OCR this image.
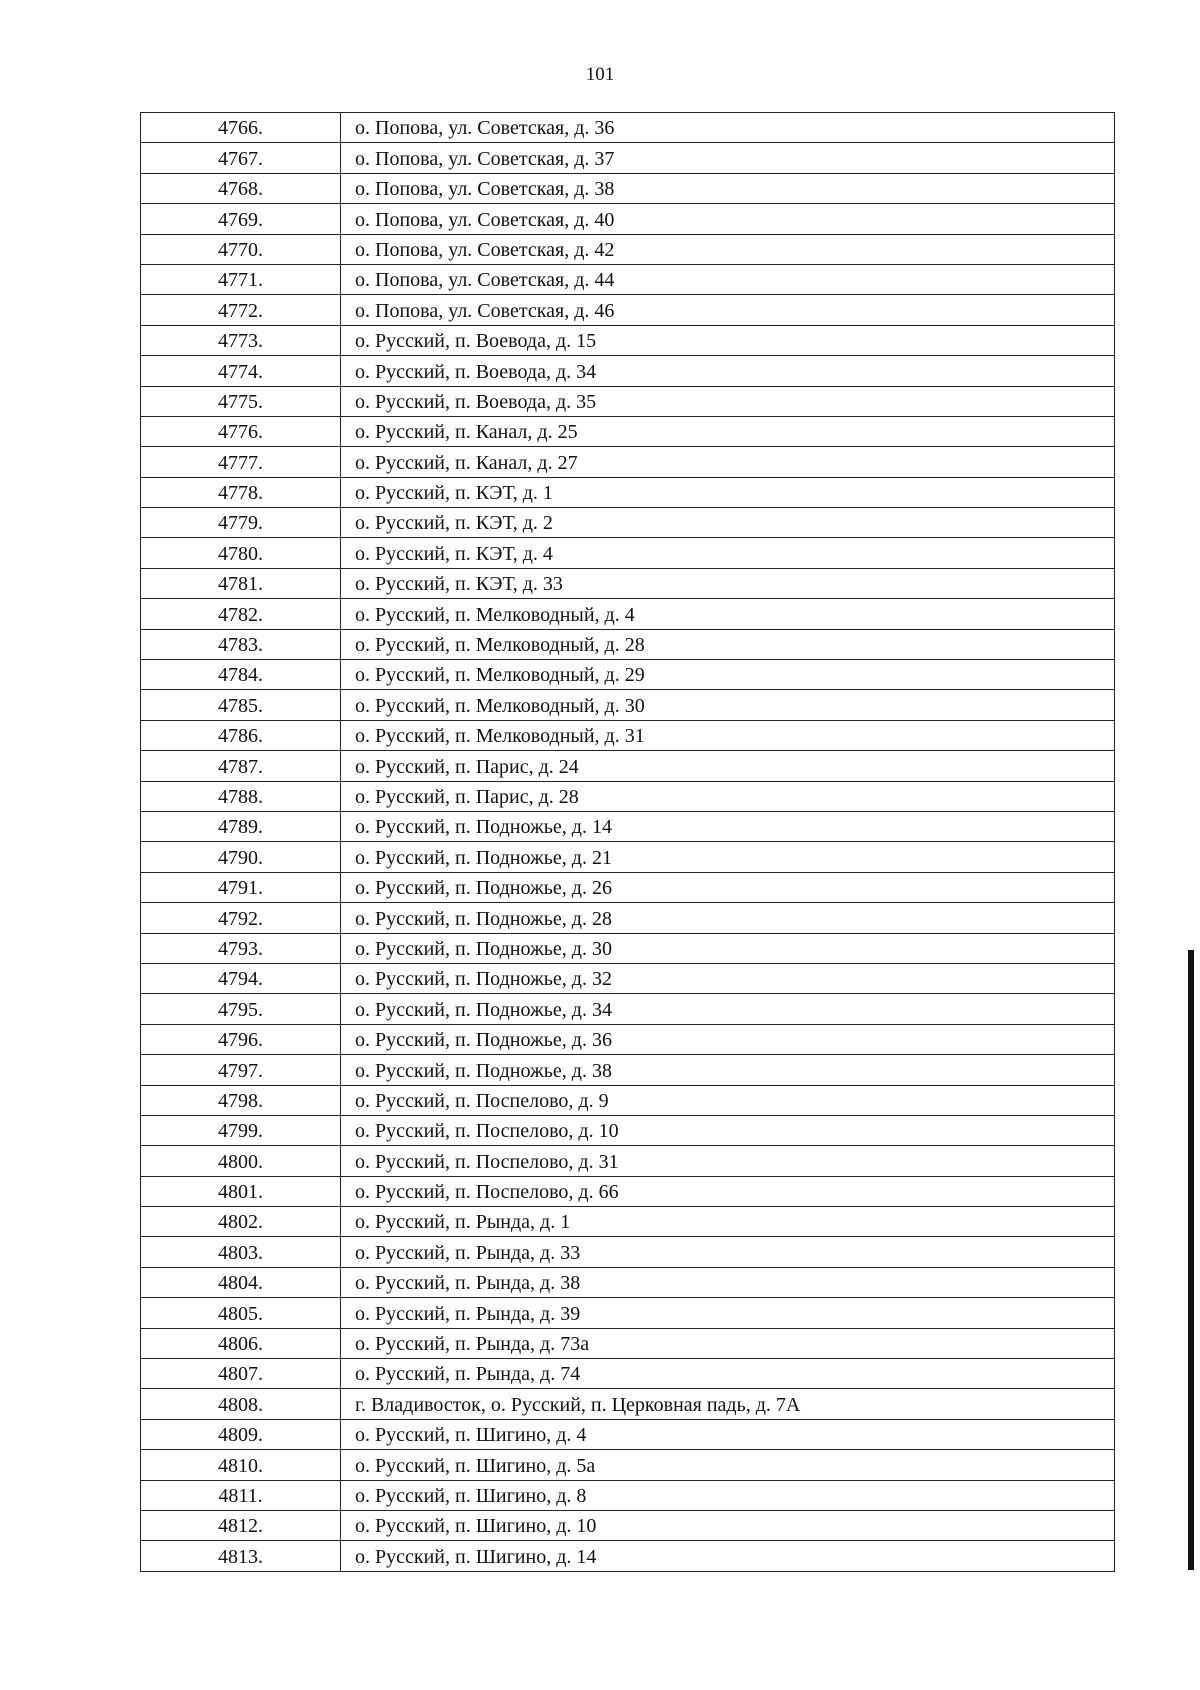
101
4766.	о. Попова, ул. Советская, д. 36
4767.	о. Попова, ул. Советская, д. 37
4768.	о. Попова, ул. Советская, д. 38
4769.	о. Попова, ул. Советская, д. 40
4770.	о. Попова, ул. Советская, д. 42
4771.	о. Попова, ул. Советская, д. 44
4772.	о. Попова, ул. Советская, д. 46
4773.	о. Русский, п. Воевода, д. 15
4774.	о. Русский, п. Воевода, д. 34
4775.	о. Русский, п. Воевода, д. 35
4776.	о. Русский, п. Канал, д. 25
4777.	о. Русский, п. Канал, д. 27
4778.	о. Русский, п. КЭТ, д. 1
4779.	о. Русский, п. КЭТ, д. 2
4780.	о. Русский, п. КЭТ, д. 4
4781.	о. Русский, п. КЭТ, д. 33
4782.	о. Русский, п. Мелководный, д. 4
4783.	о. Русский, п. Мелководный, д. 28
4784.	о. Русский, п. Мелководный, д. 29
4785.	о. Русский, п. Мелководный, д. 30
4786.	о. Русский, п. Мелководный, д. 31
4787.	о. Русский, п. Парис, д. 24
4788.	о. Русский, п. Парис, д. 28
4789.	о. Русский, п. Подножье, д. 14
4790.	о. Русский, п. Подножье, д. 21
4791.	о. Русский, п. Подножье, д. 26
4792.	о. Русский, п. Подножье, д. 28
4793.	о. Русский, п. Подножье, д. 30
4794.	о. Русский, п. Подножье, д. 32
4795.	о. Русский, п. Подножье, д. 34
4796.	о. Русский, п. Подножье, д. 36
4797.	о. Русский, п. Подножье, д. 38
4798.	о. Русский, п. Поспелово, д. 9
4799.	о. Русский, п. Поспелово, д. 10
4800.	о. Русский, п. Поспелово, д. 31
4801.	о. Русский, п. Поспелово, д. 66
4802.	о. Русский, п. Рында, д. 1
4803.	о. Русский, п. Рында, д. 33
4804.	о. Русский, п. Рында, д. 38
4805.	о. Русский, п. Рында, д. 39
4806.	о. Русский, п. Рында, д. 73а
4807.	о. Русский, п. Рында, д. 74
4808.	г. Владивосток, о. Русский, п. Церковная падь, д. 7А
4809.	о. Русский, п. Шигино, д. 4
4810.	о. Русский, п. Шигино, д. 5а
4811.	о. Русский, п. Шигино, д. 8
4812.	о. Русский, п. Шигино, д. 10
4813.	о. Русский, п. Шигино, д. 14
